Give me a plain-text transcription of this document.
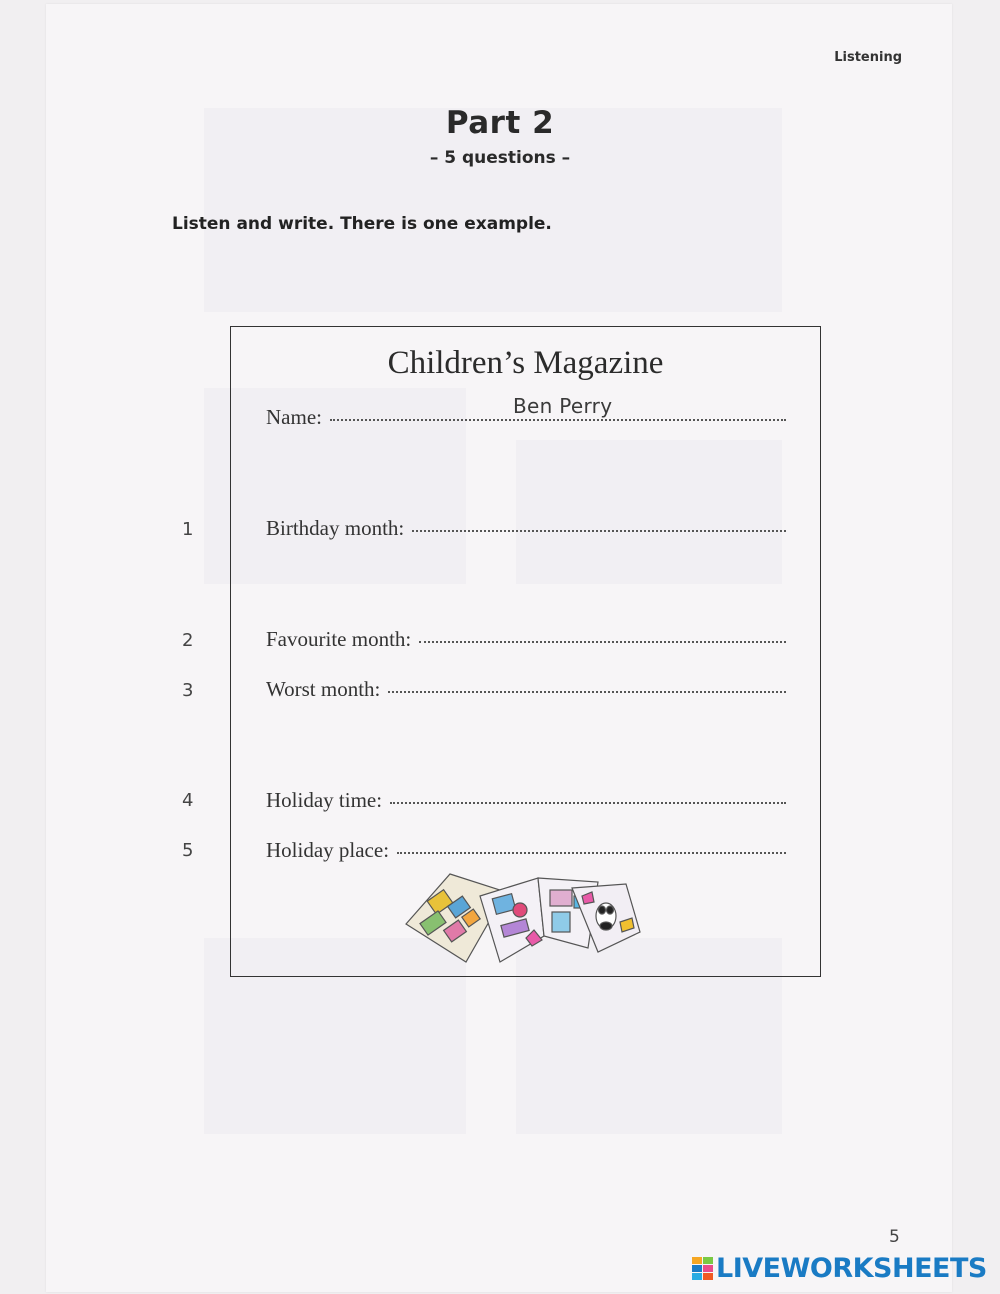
Listening
Part 2
– 5 questions –
Listen and write. There is one example.
Children’s Magazine
Name:	Ben Perry
1	Birthday month:
2	Favourite month:
3	Worst month:
4	Holiday time:
5	Holiday place:
5
LIVEWORKSHEETS
